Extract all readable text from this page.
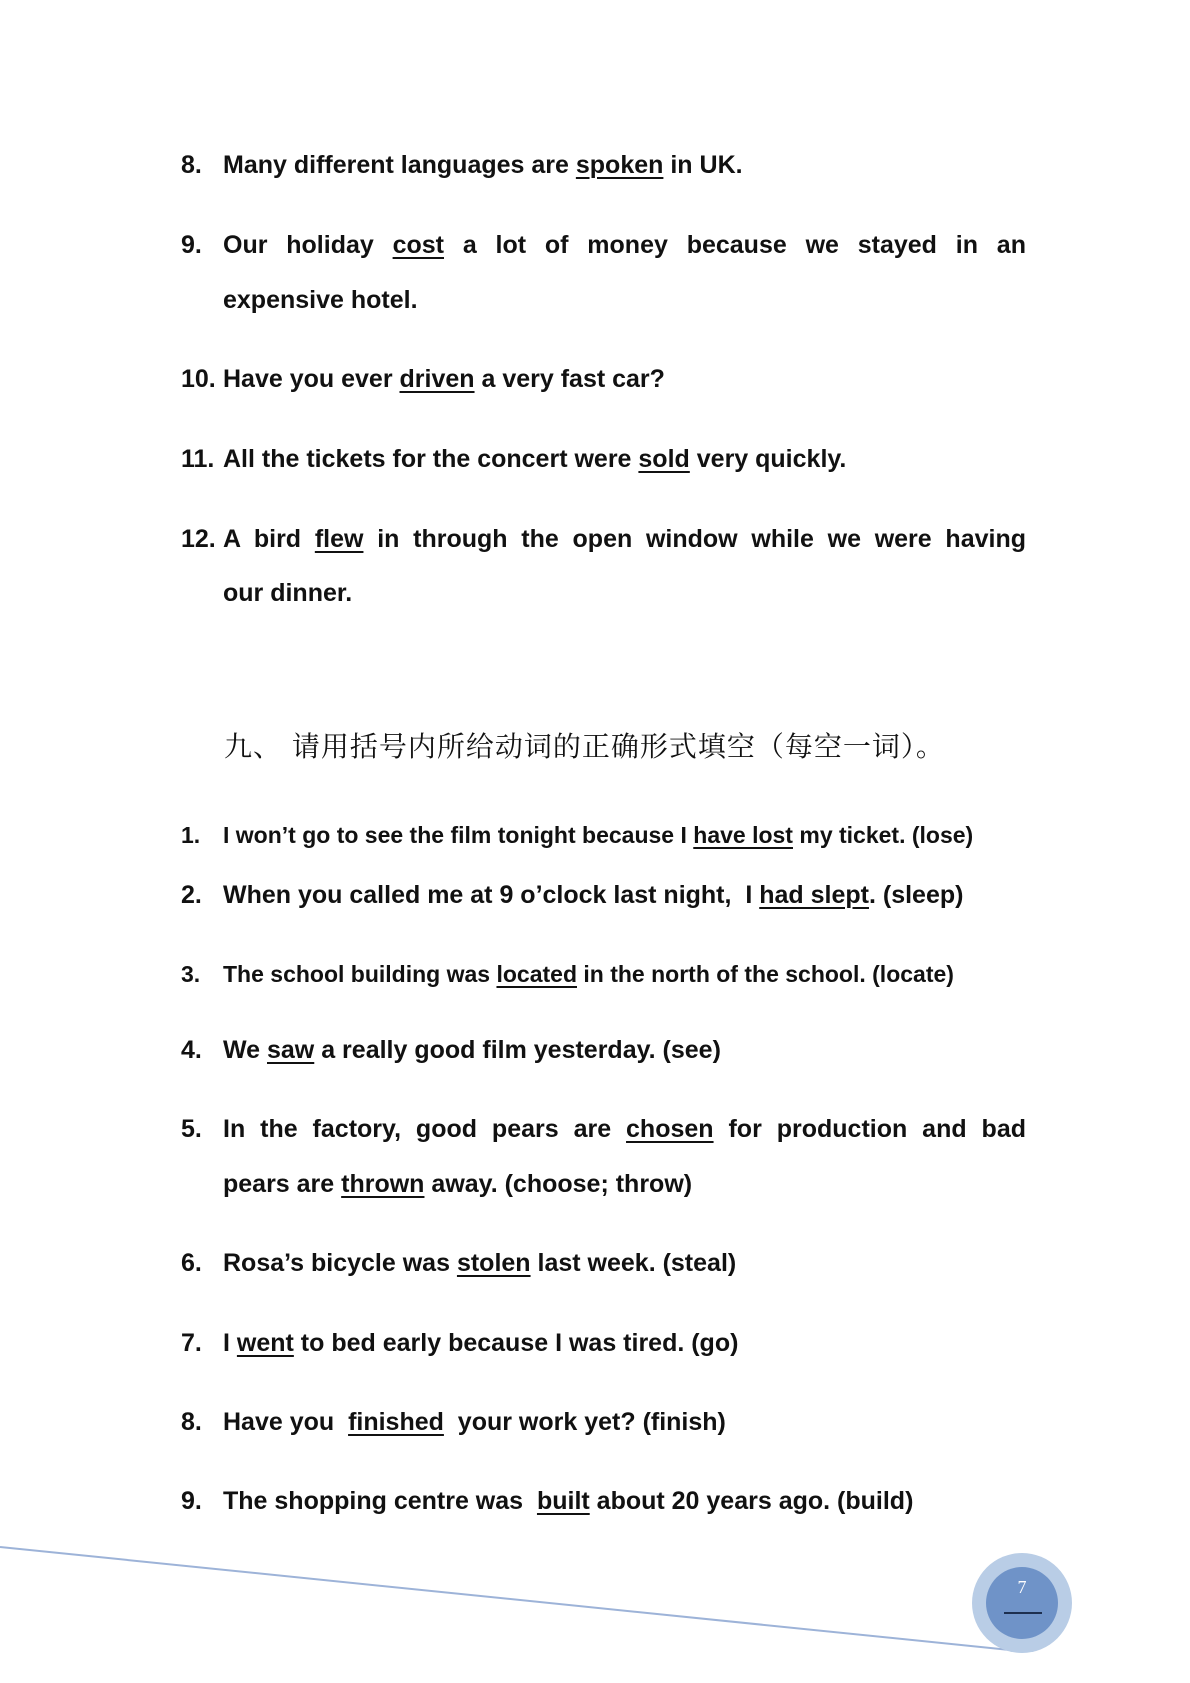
8. Many different languages are spoken in UK.
9. Our holiday cost a lot of money because we stayed in an
expensive hotel.
10. Have you ever driven a very fast car?
11. All the tickets for the concert were sold very quickly.
12. A bird flew in through the open window while we were having
our dinner.
九、 请用括号内所给动词的正确形式填空（每空一词）。
1. I won’t go to see the film tonight because I have lost my ticket. (lose)
2. When you called me at 9 o’clock last night,  I had slept. (sleep)
3. The school building was located in the north of the school. (locate)
4. We saw a really good film yesterday. (see)
5. In the factory, good pears are chosen for production and bad
pears are thrown away. (choose; throw)
6. Rosa’s bicycle was stolen last week. (steal)
7. I went to bed early because I was tired. (go)
8. Have you  finished  your work yet? (finish)
9. The shopping centre was  built about 20 years ago. (build)
7
